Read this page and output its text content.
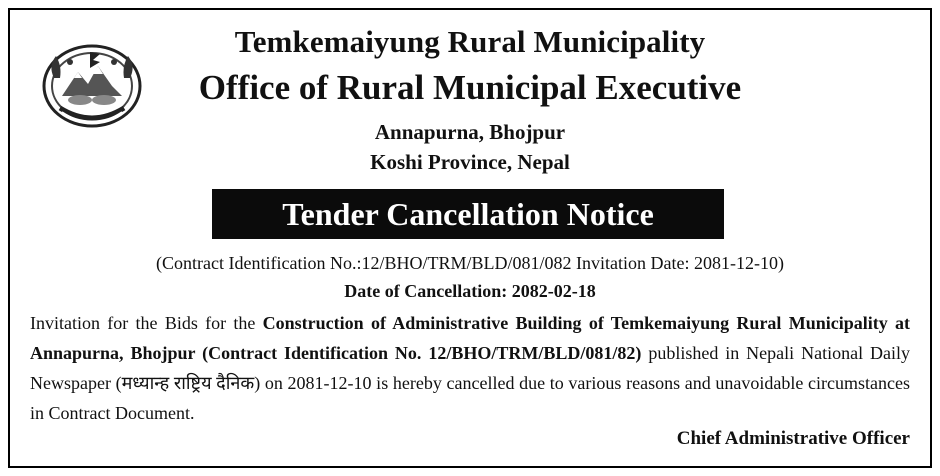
Temkemaiyung Rural Municipality
Office of Rural Municipal Executive
Annapurna, Bhojpur
Koshi Province, Nepal
Tender Cancellation Notice
(Contract Identification No.:12/BHO/TRM/BLD/081/082 Invitation Date: 2081-12-10)
Date of Cancellation: 2082-02-18
Invitation for the Bids for the Construction of Administrative Building of Temkemaiyung Rural Municipality at Annapurna, Bhojpur (Contract Identification No. 12/BHO/TRM/BLD/081/82) published in Nepali National Daily Newspaper (मध्यान्ह राष्ट्रिय दैनिक) on 2081-12-10 is hereby cancelled due to various reasons and unavoidable circumstances in Contract Document.
Chief Administrative Officer
